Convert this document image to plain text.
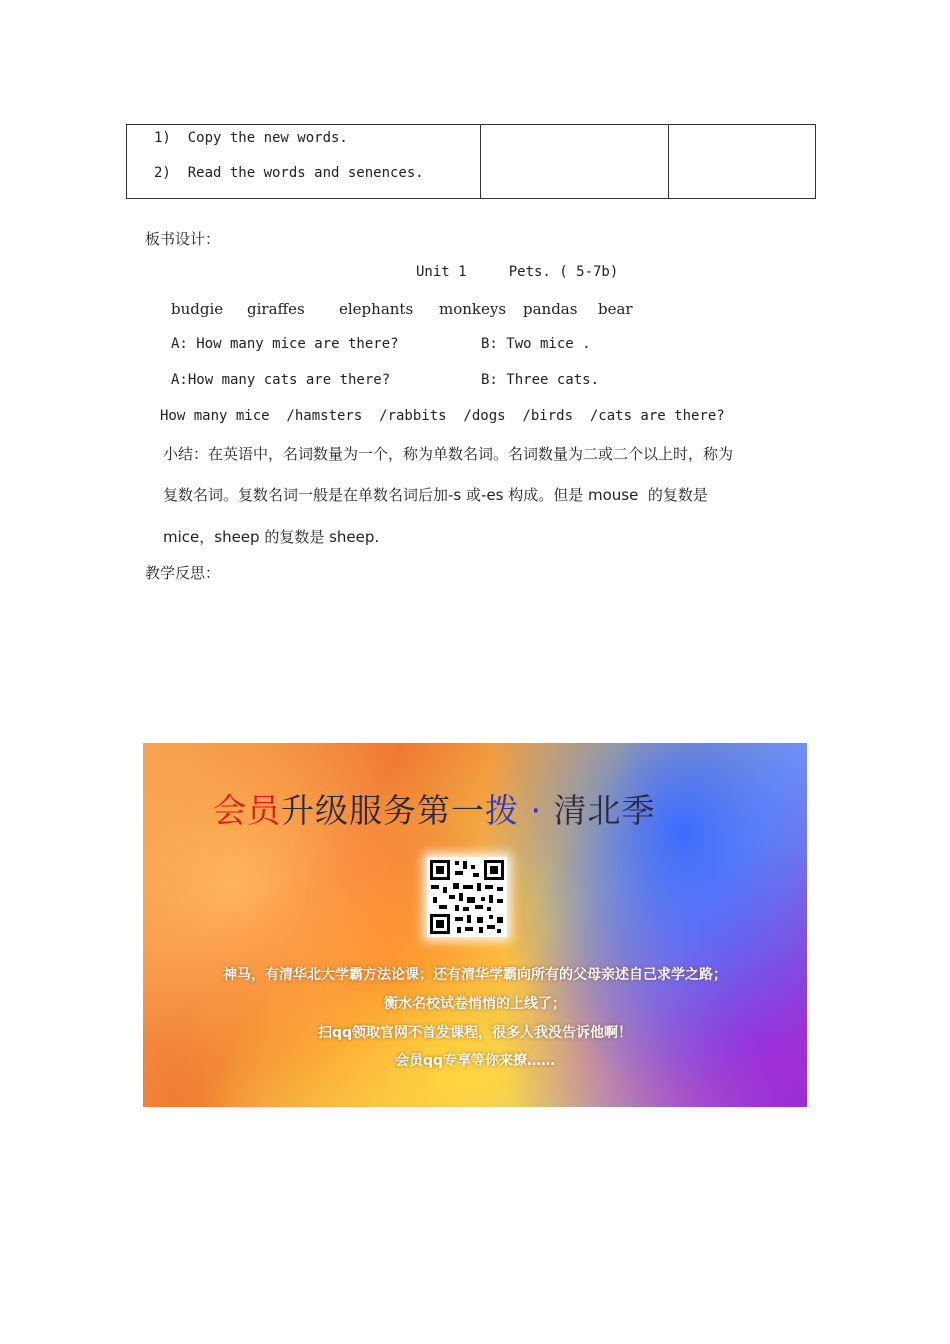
1)  Copy the new words.
2)  Read the words and senences.
板书设计：
Unit 1     Pets. ( 5-7b)
budgie giraffes elephants monkeys pandas bear
A: How many mice are there?	B: Two mice .
A:How many cats are there?	B: Three cats.
How many mice  /hamsters  /rabbits  /dogs  /birds  /cats are there?
小结：在英语中，名词数量为一个，称为单数名词。名词数量为二或二个以上时，称为
复数名词。复数名词一般是在单数名词后加-s 或-es 构成。但是 mouse  的复数是
mice，sheep 的复数是 sheep.
教学反思：
会员升级服务第一拨 · 清北季
神马，有清华北大学霸方法论课；还有清华学霸向所有的父母亲述自己求学之路；
衡水名校试卷悄悄的上线了；
扫qq领取官网不首发课程，很多人我没告诉他啊！
会员qq专享等你来撩……
